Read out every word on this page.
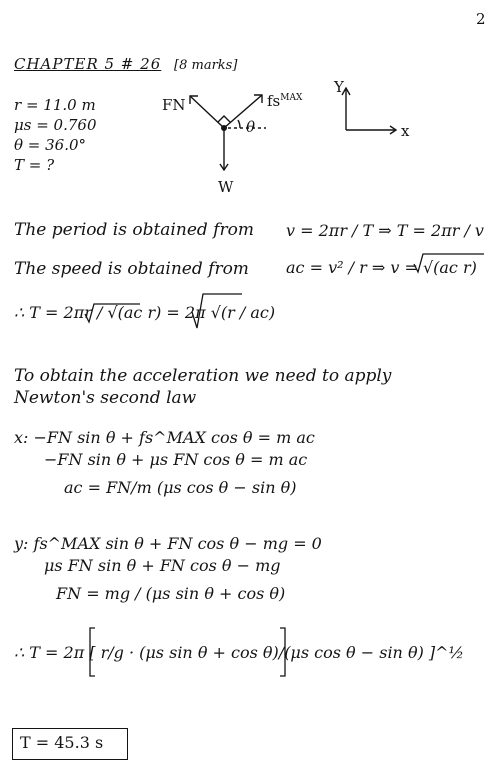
2
CHAPTER 5 # 26 [8 marks]
r = 11.0 m
μs = 0.760
θ = 36.0°
T = ?
FN	$fs^{MAX}$
θ
W
Y
x
The period is obtained from v = 2πr / T ⇒ T = 2πr / v
The speed is obtained from ac = v² / r ⇒ v = √(ac r)
∴ T = 2πr / √(ac r) = 2π √(r / ac)
To obtain the acceleration we need to apply
Newton's second law
x: −FN sin θ + fs^MAX cos θ = m ac
−FN sin θ + μs FN cos θ = m ac
ac = FN/m (μs cos θ − sin θ)
y: fs^MAX sin θ + FN cos θ − mg = 0
μs FN sin θ + FN cos θ − mg
FN = mg / (μs sin θ + cos θ)
∴ T = 2π [ r/g · (μs sin θ + cos θ)/(μs cos θ − sin θ) ]^½
T = 45.3 s
